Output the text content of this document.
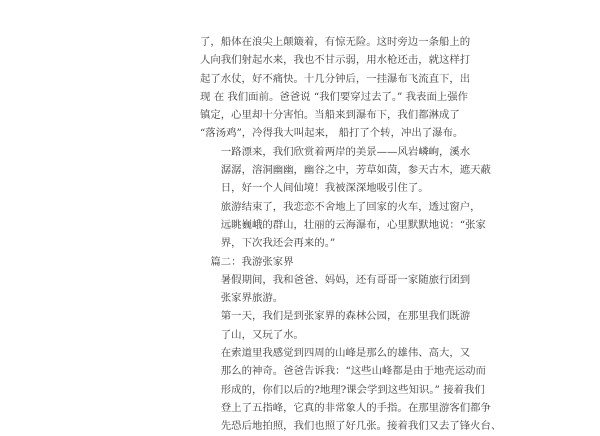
了，船体在浪尖上颠簸着，有惊无险。这时旁边一条船上的
人向我们射起水来，我也不甘示弱，用水枪还击，就这样打
起了水仗，好不痛快。十几分钟后，一挂瀑布飞流直下，出
现 在 我们面前。爸爸说 “我们要穿过去了。” 我表面上强作
镇定，心里却十分害怕。当船来到瀑布下，我们都淋成了
“落汤鸡”，冷得我大叫起来， 船打了个转，冲出了瀑布。

一路漂来，我们欣赏着两岸的美景——风岩嶙峋，溪水
潺潺，溶洞幽幽，幽谷之中，芳草如茵，参天古木，遮天蔽
日，好一个人间仙境！我被深深地吸引住了。

旅游结束了，我恋恋不舍地上了回家的火车，透过窗户，
远眺巍峨的群山，壮丽的云海瀑布，心里默默地说：“张家
界，下次我还会再来的。”

篇二：我游张家界

暑假期间，我和爸爸、妈妈，还有哥哥一家随旅行团到
张家界旅游。

第一天，我们是到张家界的森林公园，在那里我们既游
了山，又玩了水。

在索道里我感觉到四周的山峰是那么的雄伟、高大，又
那么的神奇。爸爸告诉我：“这些山峰都是由于地壳运动而
形成的，你们以后的?地理?课会学到这些知识。” 接着我们
登上了五指峰，它真的非常象人的手指。在那里游客们都争
先恐后地拍照，我们也照了好几张。接着我们又去了锋火台、
